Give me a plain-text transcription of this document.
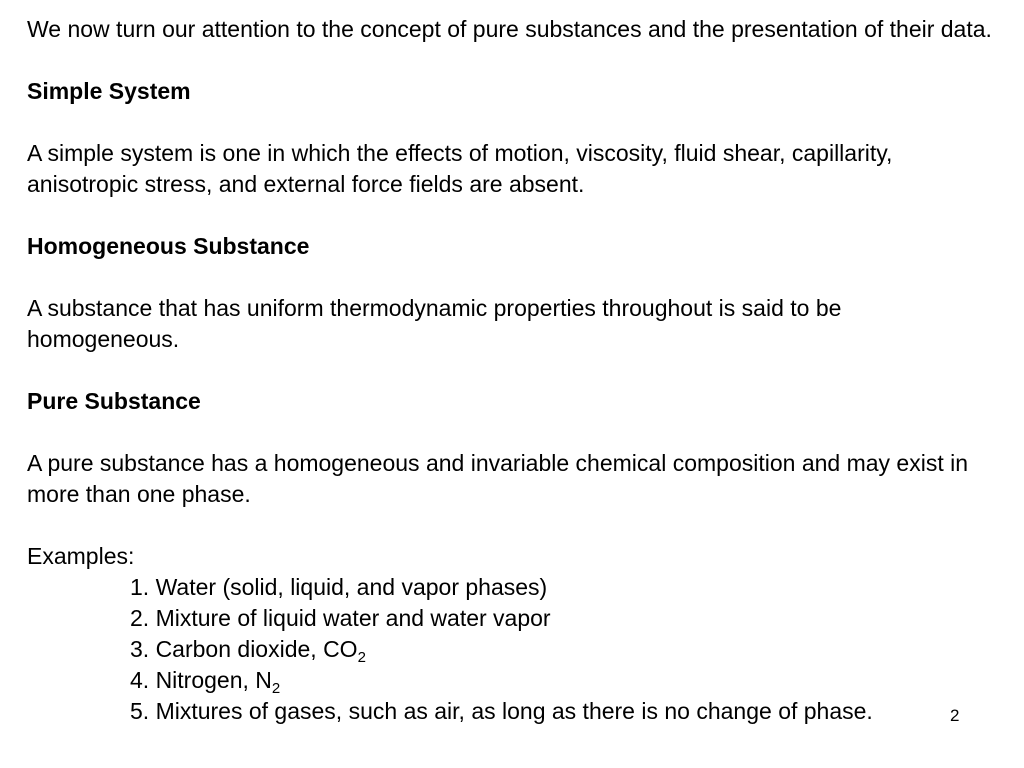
We now turn our attention to the concept of pure substances and the presentation of their data.

Simple System

A simple system is one in which the effects of motion, viscosity, fluid shear, capillarity, anisotropic stress, and external force fields are absent.

Homogeneous Substance

A substance that has uniform thermodynamic properties throughout is said to be homogeneous.

Pure Substance

A pure substance has a homogeneous and invariable chemical composition and may exist in more than one phase.

Examples:

1. Water (solid, liquid, and vapor phases)
2. Mixture of liquid water and water vapor
3. Carbon dioxide, $CO_2$
4. Nitrogen, $N_2$
5. Mixtures of gases, such as air, as long as there is no change of phase.	2
